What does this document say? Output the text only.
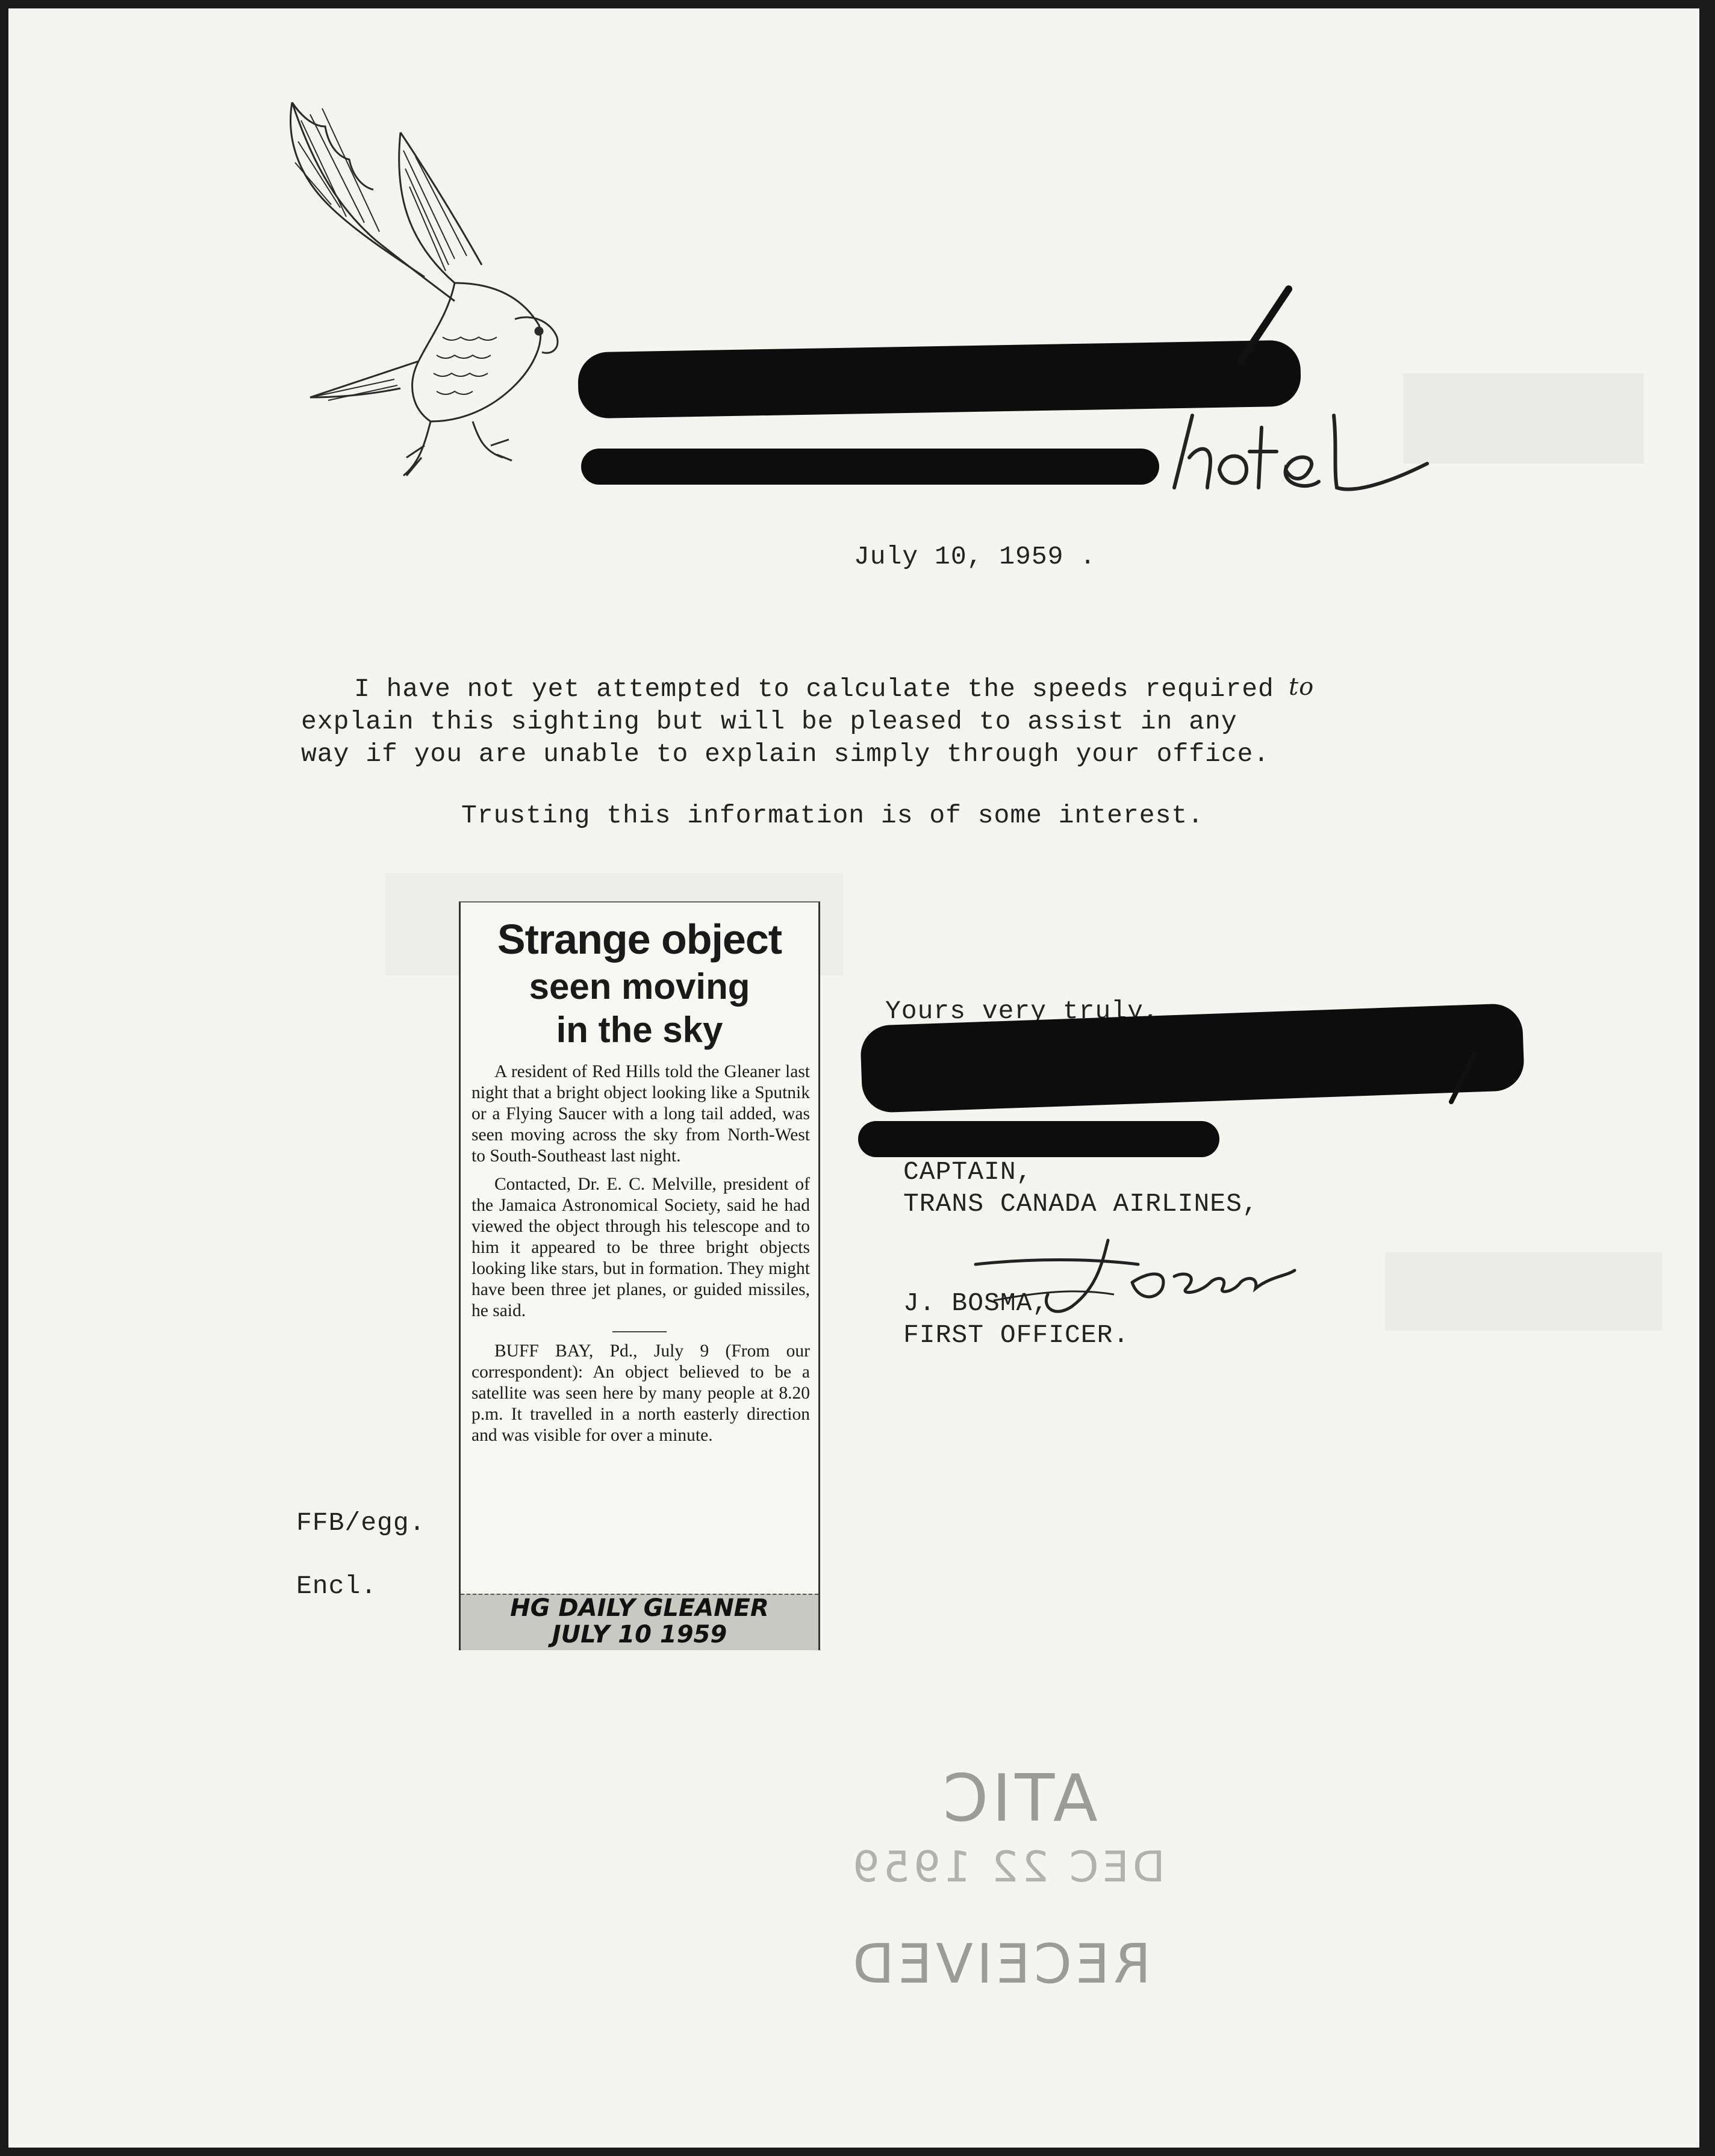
July 10, 1959 .
I have not yet attempted to calculate the speeds required to
explain this sighting but will be pleased to assist in any
way if you are unable to explain simply through your office.
Trusting this information is of some interest.
Strange object
seen moving
in the sky
A resident of Red Hills told the Gleaner last night that a bright object looking like a Sputnik or a Flying Saucer with a long tail added, was seen moving across the sky from North-West to South-Southeast last night.
Contacted, Dr. E. C. Melville, president of the Jamaica Astronomical Society, said he had viewed the object through his telescope and to him it appeared to be three bright objects looking like stars, but in formation. They might have been three jet planes, or guided missiles, he said.
BUFF BAY, Pd., July 9 (From our correspondent): An object believed to be a satellite was seen here by many people at 8.20 p.m. It travelled in a north easterly direction and was visible for over a minute.
HG DAILY GLEANER
JULY 10 1959
Yours very truly,
CAPTAIN,
TRANS CANADA AIRLINES,
J. BOSMA,
FIRST OFFICER.
FFB/egg.
Encl.
ATIC
DEC 22 1959
RECEIVED
